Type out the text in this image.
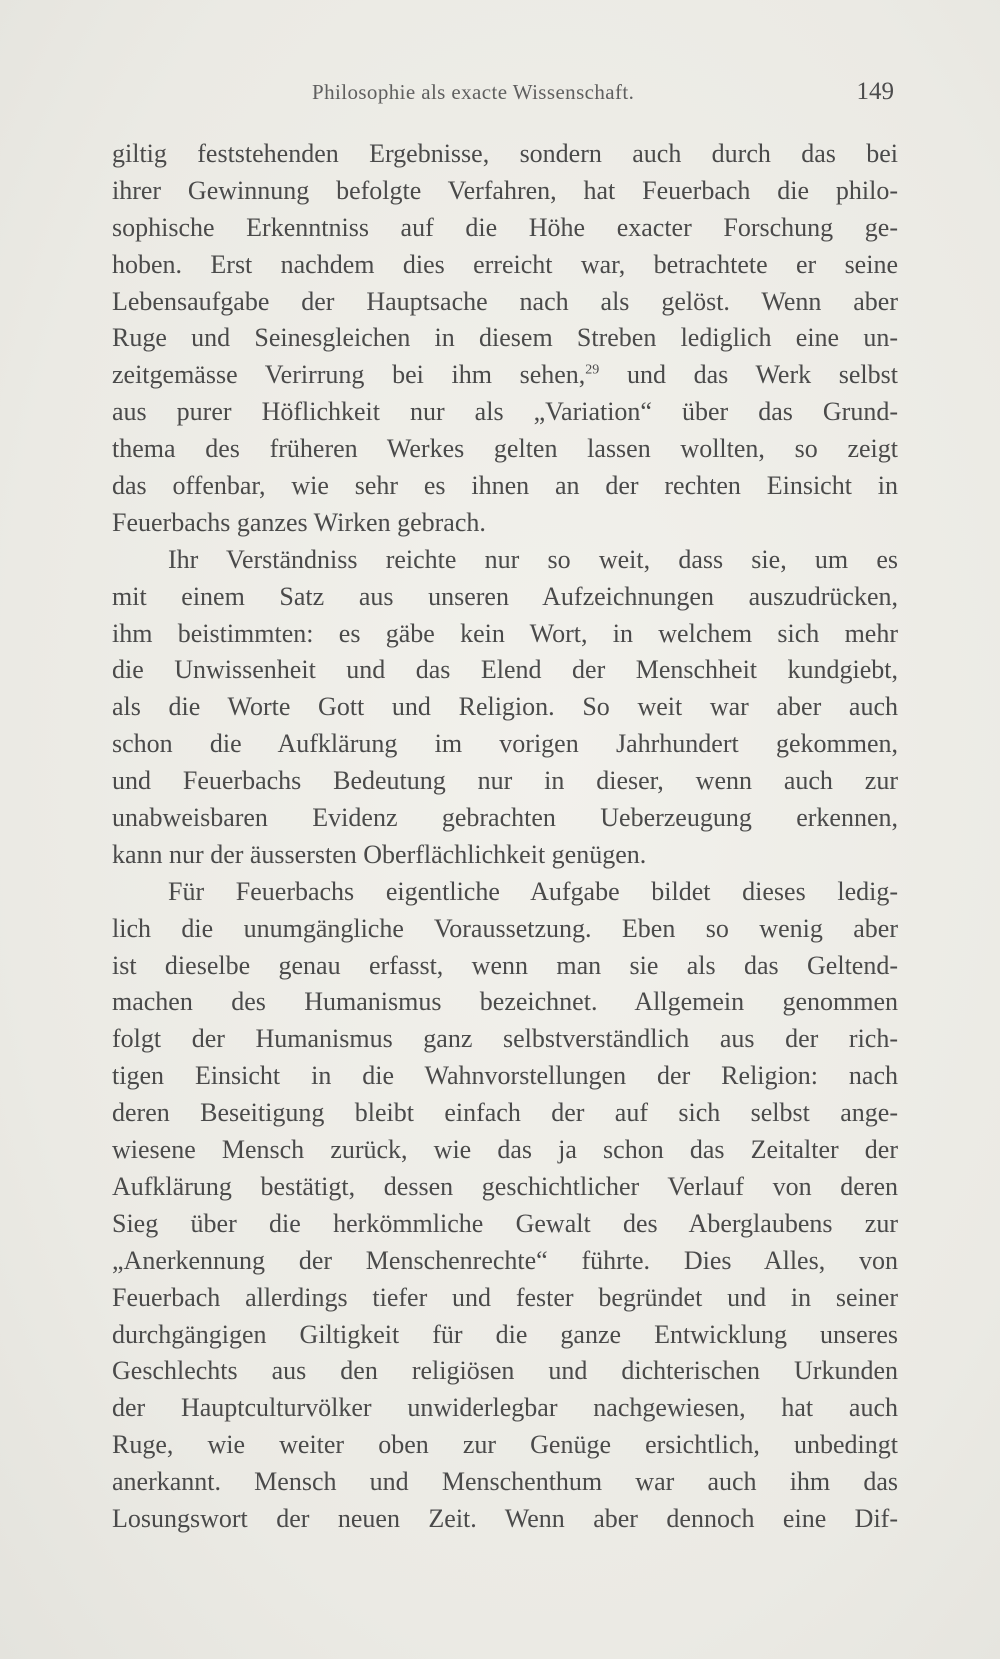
Philosophie als exacte Wissenschaft.	149
giltig feststehenden Ergebnisse, sondern auch durch das bei
ihrer Gewinnung befolgte Verfahren, hat Feuerbach die philo-
sophische Erkenntniss auf die Höhe exacter Forschung ge-
hoben. Erst nachdem dies erreicht war, betrachtete er seine
Lebensaufgabe der Hauptsache nach als gelöst. Wenn aber
Ruge und Seinesgleichen in diesem Streben lediglich eine un-
zeitgemässe Verirrung bei ihm sehen,$^{29}$ und das Werk selbst
aus purer Höflichkeit nur als „Variation“ über das Grund-
thema des früheren Werkes gelten lassen wollten, so zeigt
das offenbar, wie sehr es ihnen an der rechten Einsicht in
Feuerbachs ganzes Wirken gebrach.
Ihr Verständniss reichte nur so weit, dass sie, um es
mit einem Satz aus unseren Aufzeichnungen auszudrücken,
ihm beistimmten: es gäbe kein Wort, in welchem sich mehr
die Unwissenheit und das Elend der Menschheit kundgiebt,
als die Worte Gott und Religion. So weit war aber auch
schon die Aufklärung im vorigen Jahrhundert gekommen,
und Feuerbachs Bedeutung nur in dieser, wenn auch zur
unabweisbaren Evidenz gebrachten Ueberzeugung erkennen,
kann nur der äussersten Oberflächlichkeit genügen.
Für Feuerbachs eigentliche Aufgabe bildet dieses ledig-
lich die unumgängliche Voraussetzung. Eben so wenig aber
ist dieselbe genau erfasst, wenn man sie als das Geltend-
machen des Humanismus bezeichnet. Allgemein genommen
folgt der Humanismus ganz selbstverständlich aus der rich-
tigen Einsicht in die Wahnvorstellungen der Religion: nach
deren Beseitigung bleibt einfach der auf sich selbst ange-
wiesene Mensch zurück, wie das ja schon das Zeitalter der
Aufklärung bestätigt, dessen geschichtlicher Verlauf von deren
Sieg über die herkömmliche Gewalt des Aberglaubens zur
„Anerkennung der Menschenrechte“ führte. Dies Alles, von
Feuerbach allerdings tiefer und fester begründet und in seiner
durchgängigen Giltigkeit für die ganze Entwicklung unseres
Geschlechts aus den religiösen und dichterischen Urkunden
der Hauptculturvölker unwiderlegbar nachgewiesen, hat auch
Ruge, wie weiter oben zur Genüge ersichtlich, unbedingt
anerkannt. Mensch und Menschenthum war auch ihm das
Losungswort der neuen Zeit. Wenn aber dennoch eine Dif-
